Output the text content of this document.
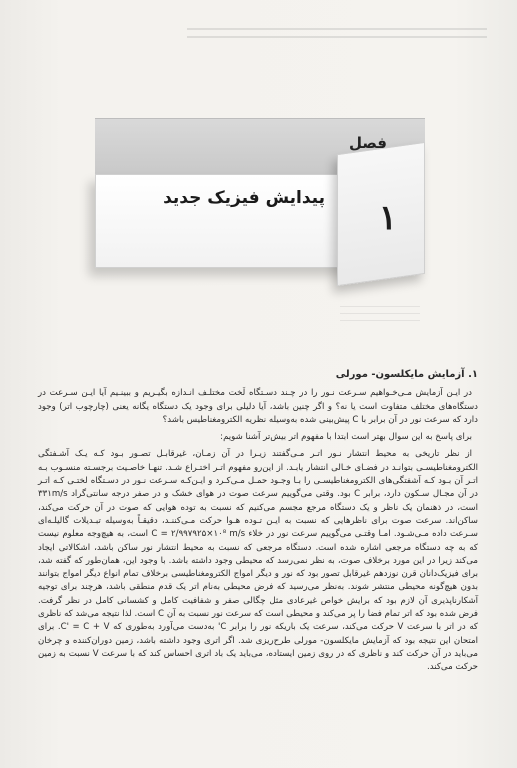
فصل
۱
پیدایش فیزیک جدید
۱. آزمایش مایکلسون- مورلی

در ایـن آزمایش مـی‌خـواهیم سـرعت نـور را در چـند دسـتگاه لَخت مختلـف انـدازه بگیـریم و ببینـیم آیا ایـن سـرعت در دستگاه‌های مختلف متفاوت است یا نه؟ و اگر چنین باشد، آیا دلیلی برای وجود یک دستگاه یگانه یعنی (چارچوب اتر) وجود دارد که سرعت نور در آن برابر با C پیش‌بینی شده به‌وسیله نظریه الکترومغناطیس باشد؟

برای پاسخ به این سوال بهتر است ابتدا با مفهوم اتر بیش‌تر آشنا شویم:

از نظر تاریخی به محیط انتشار نـور اتـر مـی‌گفتند زیـرا در آن زمـان، غیرقابـل تصـور بـود کـه یـک آشـفتگی الکترومغناطیسـی بتوانـد در فضـای خـالی انتشار یابـد. از این‌رو مفهوم اتـر اختـراع شـد. تنهـا خاصـیت برجسـته منسـوب بـه اتـر آن بـود کـه آشفتگی‌های الکترومغناطیسـی را بـا وجـود حمـل مـی‌کـرد و ایـن‌کـه سـرعت نـور در دسـتگاه لختـی کـه اتـر در آن مجـال سـکون دارد، برابر C بود. وقتی می‌گوییم سرعت صوت در هوای خشک و در صفر درجه سانتی‌گراد ۳۳۱m/s است، در ذهنمان یک ناظر و یک دستگاه مرجع مجسم می‌کنیم که نسبت به توده هوایی که صوت در آن حرکت می‌کند، ساکن‌اند. سرعت صوت برای ناظرهایی که نسبت به ایـن تـوده هـوا حرکت مـی‌کننـد، دقیقـاً به‌وسیله تبـدیلات گالیلـه‌ای سـرعت داده مـی‌شـود. امـا وقتـی می‌گوییم سرعت نور در خلاء C = ۲/۹۹۷۹۲۵×۱۰⁸ m/s است، به هیچ‌وجه معلوم نیست که به چه دستگاه مرجعی اشاره شده است. دستگاه مرجعی که نسبت به محیط انتشار نور ساکن باشد، اشکالاتی ایجاد می‌کند زیرا در این مورد برخلاف صوت، به نظر نمی‌رسد که محیطی وجود داشته باشد. با وجود این، همان‌طور که گفته شد، برای فیزیک‌دانان قرن نوزدهم غیرقابل تصور بود که نور و دیگر امواج الکترومغناطیسی برخلاف تمام انواع دیگر امواج بتوانند بدون هیچ‌گونه محیطی منتشر شوند. به‌نظر می‌رسید که فرض محیطی به‌نام اتر یک قدم منطقی باشد، هرچند برای توجیه آشکارناپذیری آن لازم بود که برایش خواص غیرعادی مثل چگالی صفر و شفافیت کامل و کشسانی کامل در نظر گرفت. فرض شده بود که اتر تمام فضا را پر می‌کند و محیطی است که سرعت نور نسبت به آن C است. لذا نتیجه می‌شد که ناظری که در اتر با سرعت V حرکت می‌کند، سرعت یک باریکه نور را برابر C' به‌دست می‌آورد به‌طوری که C' = C + V. برای امتحان این نتیجه بود که آزمایش مایکلسون- مورلی طرح‌ریزی شد. اگر اتری وجود داشته باشد، زمین دوران‌کننده و چرخان می‌باید در آن حرکت کند و ناظری که در روی زمین ایستاده، می‌باید یک باد اتری احساس کند که با سرعت V نسبت به زمین حرکت می‌کند.
